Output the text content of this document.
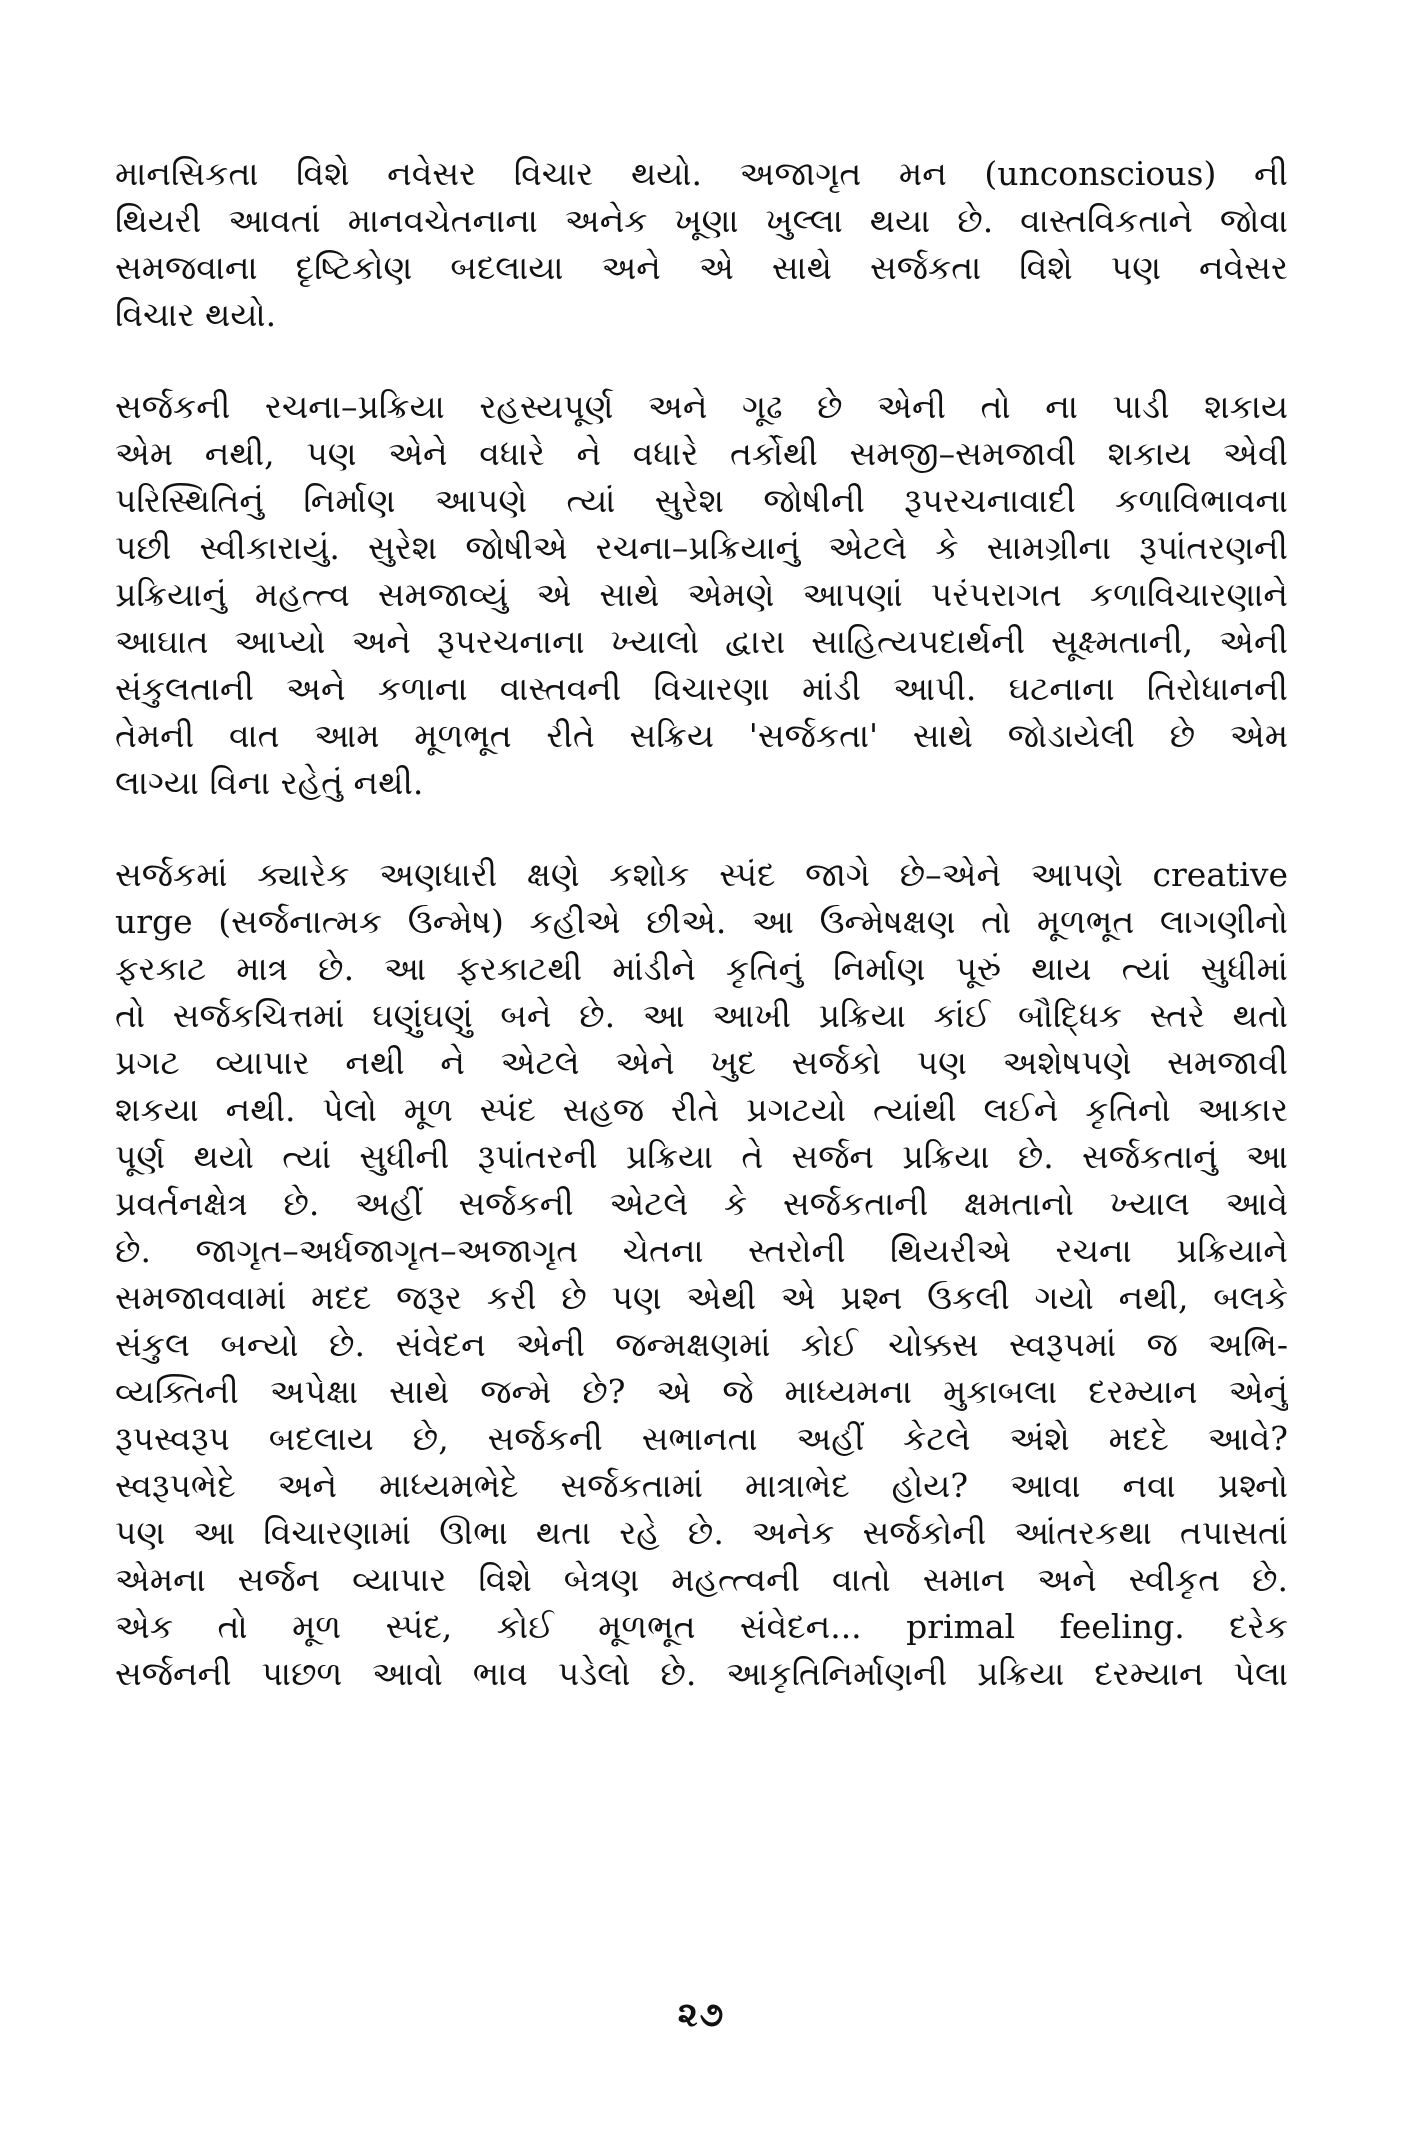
માનસિકતા વિશે નવેસર વિચાર થયો. અજાગૃત મન (unconscious) ની
થિયરી આવતાં માનવચેતનાના અનેક ખૂણા ખુલ્લા થયા છે. વાસ્તવિકતાને જોવા
સમજવાના દૃષ્ટિકોણ બદલાયા અને એ સાથે સર્જકતા વિશે પણ નવેસર
વિચાર થયો.
સર્જકની રચના–પ્રક્રિયા રહસ્યપૂર્ણ અને ગૂઢ છે એની તો ના પાડી શકાય
એમ નથી, પણ એને વધારે ને વધારે તર્કોથી સમજી–સમજાવી શકાય એવી
પરિસ્થિતિનું નિર્માણ આપણે ત્યાં સુરેશ જોષીની રૂપરચનાવાદી કળાવિભાવના
પછી સ્વીકારાયું. સુરેશ જોષીએ રચના–પ્રક્રિયાનું એટલે કે સામગ્રીના રૂપાંતરણની
પ્રક્રિયાનું મહત્ત્વ સમજાવ્યું એ સાથે એમણે આપણાં પરંપરાગત કળાવિચારણાને
આઘાત આપ્યો અને રૂપરચનાના ખ્યાલો દ્વારા સાહિત્યપદાર્થની સૂક્ષ્મતાની, એની
સંકુલતાની અને કળાના વાસ્તવની વિચારણા માંડી આપી. ઘટનાના તિરોધાનની
તેમની વાત આમ મૂળભૂત રીતે સક્રિય 'સર્જકતા' સાથે જોડાયેલી છે એમ
લાગ્યા વિના રહેતું નથી.
સર્જકમાં ક્યારેક અણધારી ક્ષણે કશોક સ્પંદ જાગે છે–એને આપણે creative
urge (સર્જનાત્મક ઉન્મેષ) કહીએ છીએ. આ ઉન્મેષક્ષણ તો મૂળભૂત લાગણીનો
ફરકાટ માત્ર છે. આ ફરકાટથી માંડીને કૃતિનું નિર્માણ પૂરું થાય ત્યાં સુધીમાં
તો સર્જકચિત્તમાં ઘણુંઘણું બને છે. આ આખી પ્રક્રિયા કાંઈ બૌદ્ધિક સ્તરે થતો
પ્રગટ વ્યાપાર નથી ને એટલે એને ખુદ સર્જકો પણ અશેષપણે સમજાવી
શકયા નથી. પેલો મૂળ સ્પંદ સહજ રીતે પ્રગટયો ત્યાંથી લઈને કૃતિનો આકાર
પૂર્ણ થયો ત્યાં સુધીની રૂપાંતરની પ્રક્રિયા તે સર્જન પ્રક્રિયા છે. સર્જકતાનું આ
પ્રવર્તનક્ષેત્ર છે. અહીં સર્જકની એટલે કે સર્જકતાની ક્ષમતાનો ખ્યાલ આવે
છે. જાગૃત–અર્ધજાગૃત–અજાગૃત ચેતના સ્તરોની થિયરીએ રચના પ્રક્રિયાને
સમજાવવામાં મદદ જરૂર કરી છે પણ એથી એ પ્રશ્ન ઉકલી ગયો નથી, બલકે
સંકુલ બન્યો છે. સંવેદન એની જન્મક્ષણમાં કોઈ ચોક્કસ સ્વરૂપમાં જ અભિ-
વ્યક્તિની અપેક્ષા સાથે જન્મે છે? એ જે માધ્યમના મુકાબલા દરમ્યાન એનું
રૂપસ્વરૂપ બદલાય છે, સર્જકની સભાનતા અહીં કેટલે અંશે મદદે આવે?
સ્વરૂપભેદે અને માધ્યમભેદે સર્જકતામાં માત્રાભેદ હોય? આવા નવા પ્રશ્નો
પણ આ વિચારણામાં ઊભા થતા રહે છે. અનેક સર્જકોની આંતરકથા તપાસતાં
એમના સર્જન વ્યાપાર વિશે બેત્રણ મહત્ત્વની વાતો સમાન અને સ્વીકૃત છે.
એક તો મૂળ સ્પંદ, કોઈ મૂળભૂત સંવેદન... primal feeling. દરેક
સર્જનની પાછળ આવો ભાવ પડેલો છે. આકૃતિનિર્માણની પ્રક્રિયા દરમ્યાન પેલા
૨૭
